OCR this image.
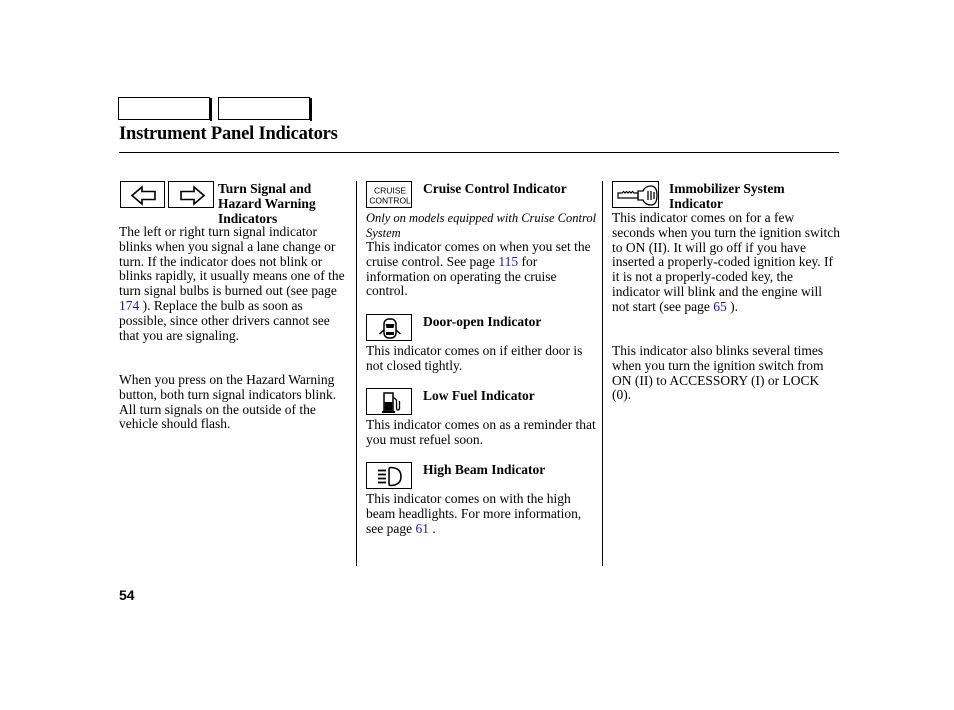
Instrument Panel Indicators
Turn Signal and
Hazard Warning
Indicators
The left or right turn signal indicator blinks when you signal a lane change or turn. If the indicator does not blink or blinks rapidly, it usually means one of the turn signal bulbs is burned out (see page 174 ). Replace the bulb as soon as possible, since other drivers cannot see that you are signaling.
When you press on the Hazard Warning button, both turn signal indicators blink. All turn signals on the outside of the vehicle should flash.
CRUISE
CONTROL
Cruise Control Indicator
Only on models equipped with Cruise Control System
This indicator comes on when you set the cruise control. See page 115 for information on operating the cruise control.
Door-open Indicator
This indicator comes on if either door is not closed tightly.
Low Fuel Indicator
This indicator comes on as a reminder that you must refuel soon.
High Beam Indicator
This indicator comes on with the high beam headlights. For more information, see page 61 .
Immobilizer System
Indicator
This indicator comes on for a few seconds when you turn the ignition switch to ON (II). It will go off if you have inserted a properly-coded ignition key. If it is not a properly-coded key, the indicator will blink and the engine will not start (see page 65 ).
This indicator also blinks several times when you turn the ignition switch from ON (II) to ACCESSORY (I) or LOCK (0).
54
